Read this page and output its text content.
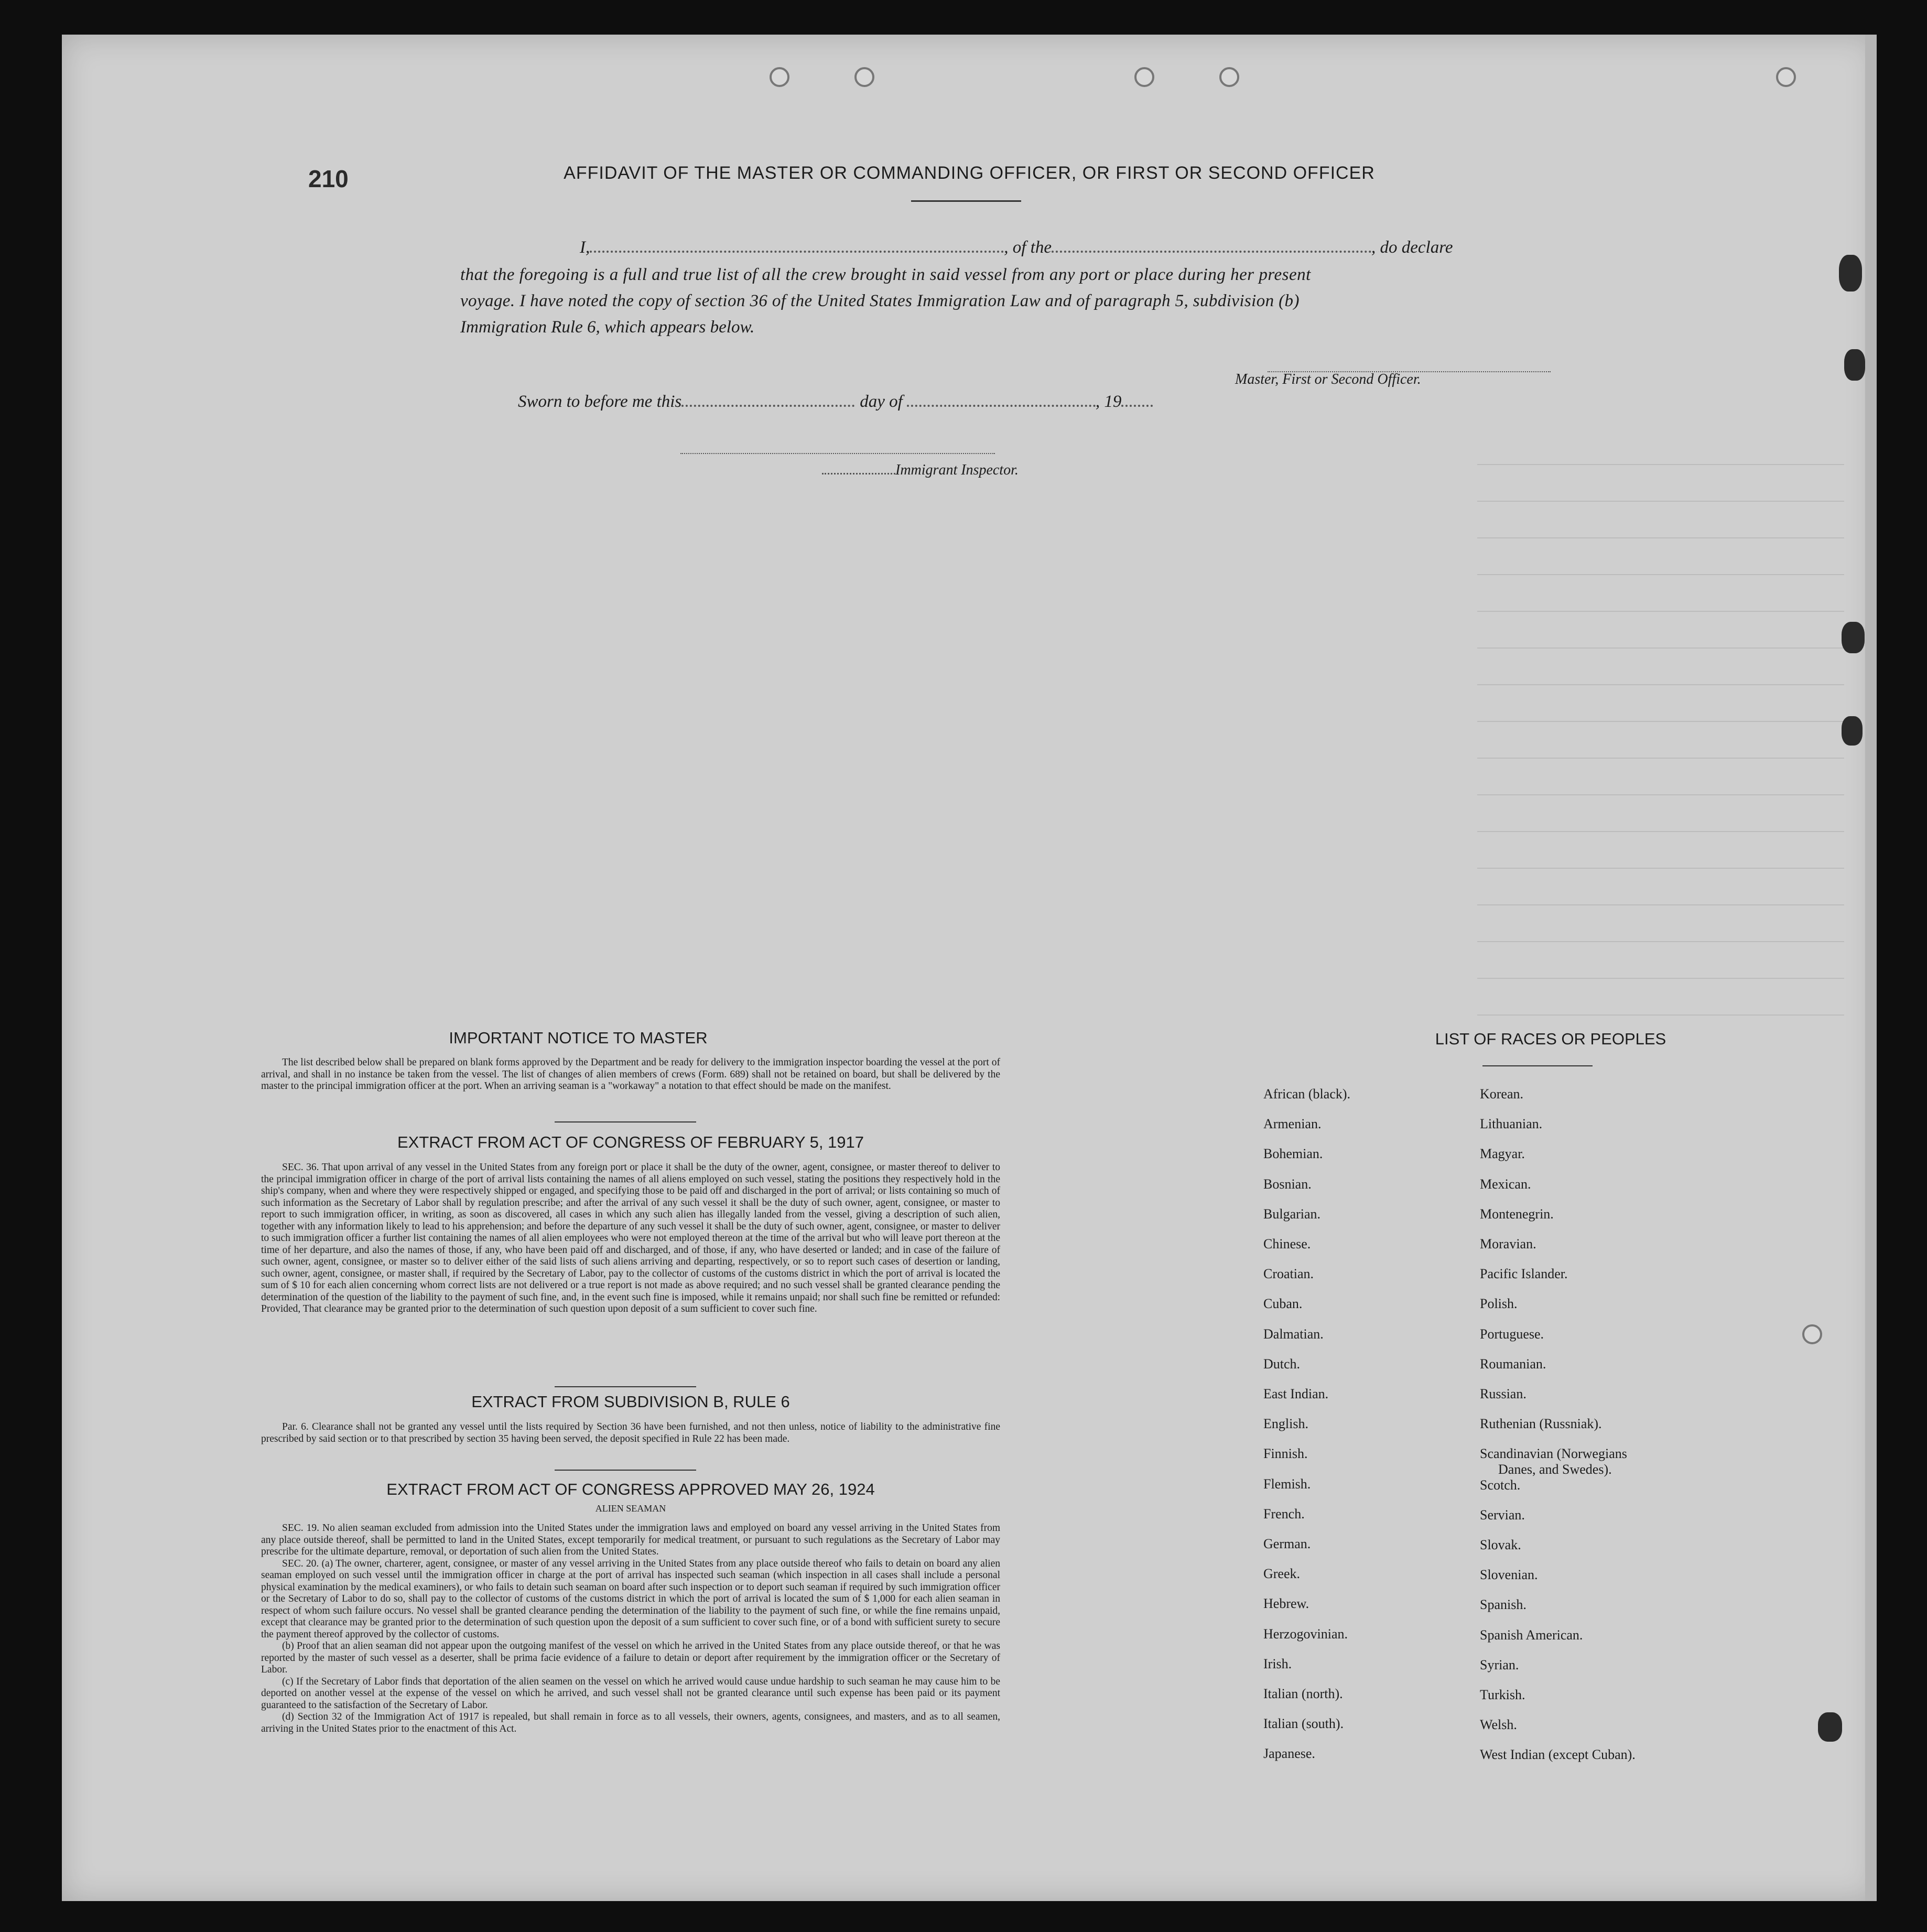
210	AFFIDAVIT OF THE MASTER OR COMMANDING OFFICER, OR FIRST OR SECOND OFFICER
I,	, of the	, do declare
that the foregoing is a full and true list of all the crew brought in said vessel from any port or place during her present
voyage. I have noted the copy of section 36 of the United States Immigration Law and of paragraph 5, subdivision (b)
Immigration Rule 6, which appears below.
Master, First or Second Officer.
Sworn to before me this	day of	, 19
Immigrant Inspector.
IMPORTANT NOTICE TO MASTER

The list described below shall be prepared on blank forms approved by the Department and be ready for delivery to the immigration inspector boarding the vessel at the port of arrival, and shall in no instance be taken from the vessel. The list of changes of alien members of crews (Form. 689) shall not be retained on board, but shall be delivered by the master to the principal immigration officer at the port. When an arriving seaman is a "workaway" a notation to that effect should be made on the manifest.

EXTRACT FROM ACT OF CONGRESS OF FEBRUARY 5, 1917

SEC. 36. That upon arrival of any vessel in the United States from any foreign port or place it shall be the duty of the owner, agent, consignee, or master thereof to deliver to the principal immigration officer in charge of the port of arrival lists containing the names of all aliens employed on such vessel, stating the positions they respectively hold in the ship's company, when and where they were respectively shipped or engaged, and specifying those to be paid off and discharged in the port of arrival; or lists containing so much of such information as the Secretary of Labor shall by regulation prescribe; and after the arrival of any such vessel it shall be the duty of such owner, agent, consignee, or master to report to such immigration officer, in writing, as soon as discovered, all cases in which any such alien has illegally landed from the vessel, giving a description of such alien, together with any information likely to lead to his apprehension; and before the departure of any such vessel it shall be the duty of such owner, agent, consignee, or master to deliver to such immigration officer a further list containing the names of all alien employees who were not employed thereon at the time of the arrival but who will leave port thereon at the time of her departure, and also the names of those, if any, who have been paid off and discharged, and of those, if any, who have deserted or landed; and in case of the failure of such owner, agent, consignee, or master so to deliver either of the said lists of such aliens arriving and departing, respectively, or so to report such cases of desertion or landing, such owner, agent, consignee, or master shall, if required by the Secretary of Labor, pay to the collector of customs of the customs district in which the port of arrival is located the sum of $ 10 for each alien concerning whom correct lists are not delivered or a true report is not made as above required; and no such vessel shall be granted clearance pending the determination of the question of the liability to the payment of such fine, and, in the event such fine is imposed, while it remains unpaid; nor shall such fine be remitted or refunded: Provided, That clearance may be granted prior to the determination of such question upon deposit of a sum sufficient to cover such fine.

EXTRACT FROM SUBDIVISION B, RULE 6

Par. 6. Clearance shall not be granted any vessel until the lists required by Section 36 have been furnished, and not then unless, notice of liability to the administrative fine prescribed by said section or to that prescribed by section 35 having been served, the deposit specified in Rule 22 has been made.

EXTRACT FROM ACT OF CONGRESS APPROVED MAY 26, 1924
ALIEN SEAMAN

SEC. 19. No alien seaman excluded from admission into the United States under the immigration laws and employed on board any vessel arriving in the United States from any place outside thereof, shall be permitted to land in the United States, except temporarily for medical treatment, or pursuant to such regulations as the Secretary of Labor may prescribe for the ultimate departure, removal, or deportation of such alien from the United States.

SEC. 20. (a) The owner, charterer, agent, consignee, or master of any vessel arriving in the United States from any place outside thereof who fails to detain on board any alien seaman employed on such vessel until the immigration officer in charge at the port of arrival has inspected such seaman (which inspection in all cases shall include a personal physical examination by the medical examiners), or who fails to detain such seaman on board after such inspection or to deport such seaman if required by such immigration officer or the Secretary of Labor to do so, shall pay to the collector of customs of the customs district in which the port of arrival is located the sum of $ 1,000 for each alien seaman in respect of whom such failure occurs. No vessel shall be granted clearance pending the determination of the liability to the payment of such fine, or while the fine remains unpaid, except that clearance may be granted prior to the determination of such question upon the deposit of a sum sufficient to cover such fine, or of a bond with sufficient surety to secure the payment thereof approved by the collector of customs.

(b) Proof that an alien seaman did not appear upon the outgoing manifest of the vessel on which he arrived in the United States from any place outside thereof, or that he was reported by the master of such vessel as a deserter, shall be prima facie evidence of a failure to detain or deport after requirement by the immigration officer or the Secretary of Labor.

(c) If the Secretary of Labor finds that deportation of the alien seamen on the vessel on which he arrived would cause undue hardship to such seaman he may cause him to be deported on another vessel at the expense of the vessel on which he arrived, and such vessel shall not be granted clearance until such expense has been paid or its payment guaranteed to the satisfaction of the Secretary of Labor.

(d) Section 32 of the Immigration Act of 1917 is repealed, but shall remain in force as to all vessels, their owners, agents, consignees, and masters, and as to all seamen, arriving in the United States prior to the enactment of this Act.

LIST OF RACES OR PEOPLES
African (black).
Armenian.
Bohemian.
Bosnian.
Bulgarian.
Chinese.
Croatian.
Cuban.
Dalmatian.
Dutch.
East Indian.
English.
Finnish.
Flemish.
French.
German.
Greek.
Hebrew.
Herzogovinian.
Irish.
Italian (north).
Italian (south).
Japanese.
Korean.
Lithuanian.
Magyar.
Mexican.
Montenegrin.
Moravian.
Pacific Islander.
Polish.
Portuguese.
Roumanian.
Russian.
Ruthenian (Russniak).
Scandinavian (Norwegians
Danes, and Swedes).
Scotch.
Servian.
Slovak.
Slovenian.
Spanish.
Spanish American.
Syrian.
Turkish.
Welsh.
West Indian (except Cuban).
